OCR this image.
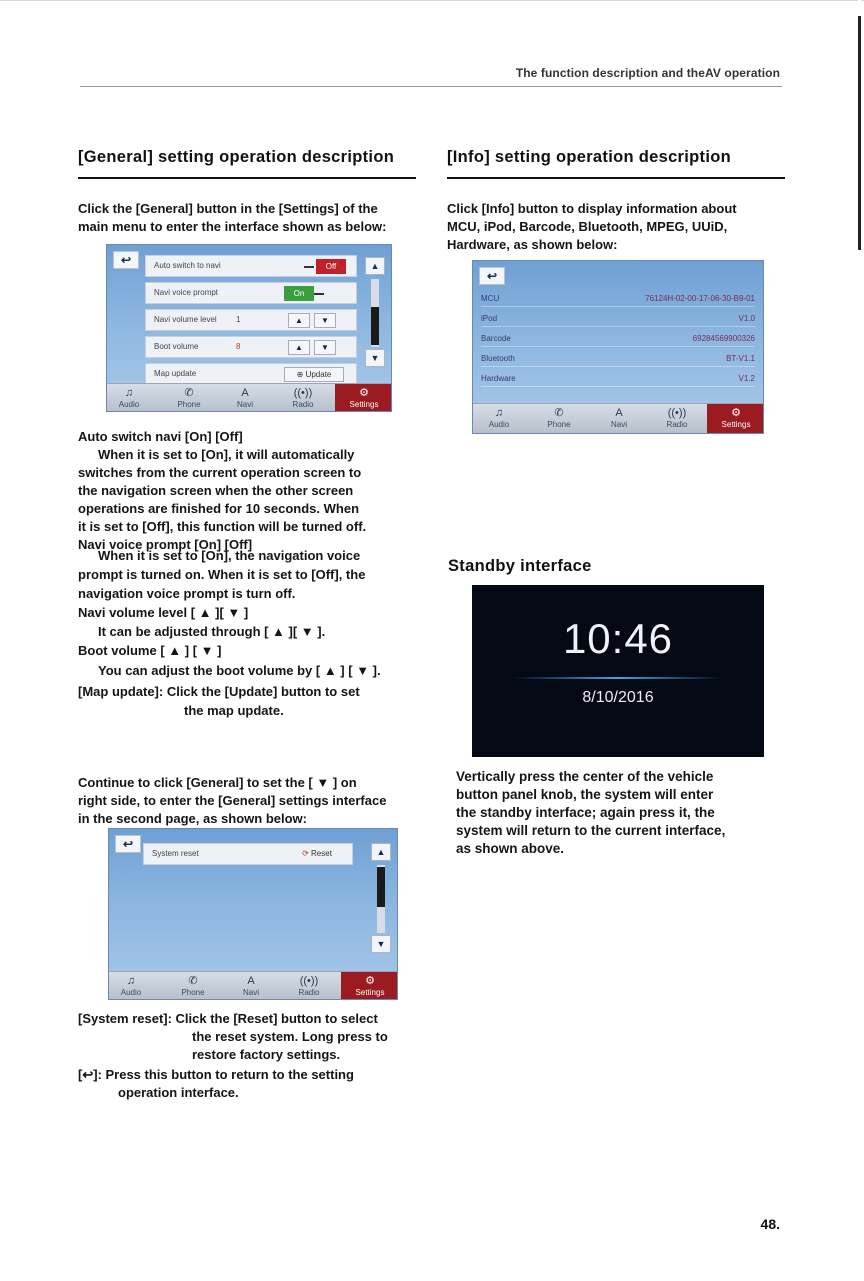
The function description and theAV operation
[General] setting operation description

Click the [General] button in the [Settings] of the

main menu to enter the interface shown as below:

↩	Auto switch to navi	Off
Navi voice prompt	On
Navi volume level 1	▲	▼
Boot volume	8	▲	▼
Map update	⊕ Update
▲
▼
♫
Audio
✆
Phone
A
Navi
((•))
Radio
⚙
Settings

Auto switch navi [On] [Off]

When it is set to [On], it will automatically

switches from the current operation screen to

the navigation screen when the other screen

operations are finished for 10 seconds. When

it is set to [Off], this function will be turned off.

Navi voice prompt [On] [Off]

When it is set to [On], the navigation voice

prompt is turned on. When it is set to [Off], the

navigation voice prompt is turn off.

Navi volume level [ ▲ ][ ▼ ]

It can be adjusted through [ ▲ ][ ▼ ].

Boot volume [ ▲ ] [ ▼ ]

You can adjust the boot volume by [ ▲ ] [ ▼ ].

[Map update]: Click the [Update] button to set

the map update.

Continue to click [General] to set the [ ▼ ] on

right side, to enter the [General] settings interface

in the second page, as shown below:

↩
System reset	⟳ Reset	▲
▼
♫
Audio
✆
Phone
A
Navi
((•))
Radio
⚙
Settings

[System reset]: Click the [Reset] button to select

the reset system. Long press to

restore factory settings.

[↩]: Press this button to return to the setting

operation interface.

[Info] setting operation description

Click [Info] button to display information about

MCU, iPod, Barcode, Bluetooth, MPEG, UUiD,

Hardware, as shown below:

↩
MCU	76124H-02-00-17-06-30-B9-01
iPod	V1.0
Barcode	69284569900326
Bluetooth	BT-V1.1
Hardware	V1.2
♫
Audio
✆
Phone
A
Navi
((•))
Radio
⚙
Settings
Standby interface
10:46
8/10/2016

Vertically press the center of the vehicle

button panel knob, the system will enter

the standby interface; again press it, the

system will return to the current interface,

as shown above.

48.
